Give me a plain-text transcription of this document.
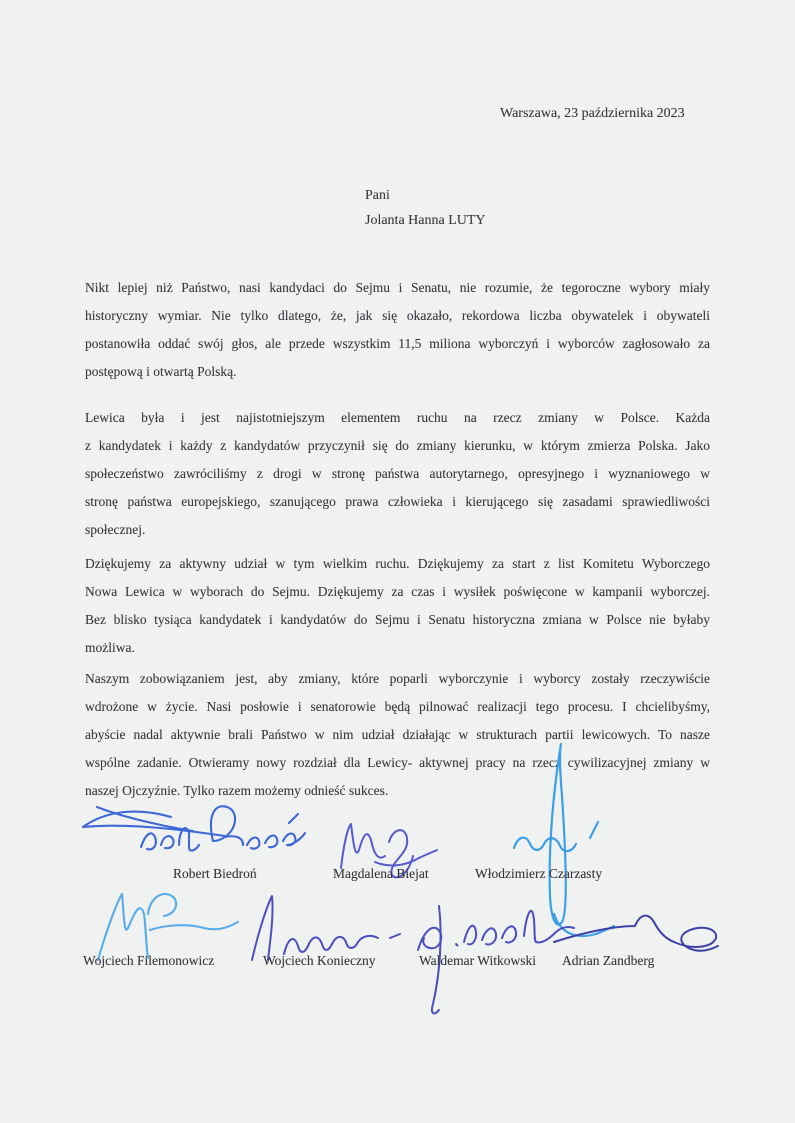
Warszawa, 23 października 2023
Pani
Jolanta Hanna LUTY
Nikt lepiej niż Państwo, nasi kandydaci do Sejmu i Senatu, nie rozumie, że tegoroczne wybory miały
historyczny wymiar. Nie tylko dlatego, że, jak się okazało, rekordowa liczba obywatelek i obywateli
postanowiła oddać swój głos, ale przede wszystkim 11,5 miliona wyborczyń i wyborców zagłosowało za
postępową i otwartą Polską.
Lewica była i jest najistotniejszym elementem ruchu na rzecz zmiany w Polsce. Każda
z kandydatek i każdy z kandydatów przyczynił się do zmiany kierunku, w którym zmierza Polska. Jako
społeczeństwo zawróciliśmy z drogi w stronę państwa autorytarnego, opresyjnego i wyznaniowego w
stronę państwa europejskiego, szanującego prawa człowieka i kierującego się zasadami sprawiedliwości
społecznej.
Dziękujemy za aktywny udział w tym wielkim ruchu. Dziękujemy za start z list Komitetu Wyborczego
Nowa Lewica w wyborach do Sejmu. Dziękujemy za czas i wysiłek poświęcone w kampanii wyborczej.
Bez blisko tysiąca kandydatek i kandydatów do Sejmu i Senatu historyczna zmiana w Polsce nie byłaby
możliwa.
Naszym zobowiązaniem jest, aby zmiany, które poparli wyborczynie i wyborcy zostały rzeczywiście
wdrożone w życie. Nasi posłowie i senatorowie będą pilnować realizacji tego procesu. I chcielibyśmy,
abyście nadal aktywnie brali Państwo w nim udział działając w strukturach partii lewicowych. To nasze
wspólne zadanie. Otwieramy nowy rozdział dla Lewicy- aktywnej pracy na rzecz cywilizacyjnej zmiany w
naszej Ojczyźnie. Tylko razem możemy odnieść sukces.
Robert Biedroń	Magdalena Biejat	Włodzimierz Czarzasty
Wojciech Filemonowicz	Wojciech Konieczny	Waldemar Witkowski Adrian Zandberg
